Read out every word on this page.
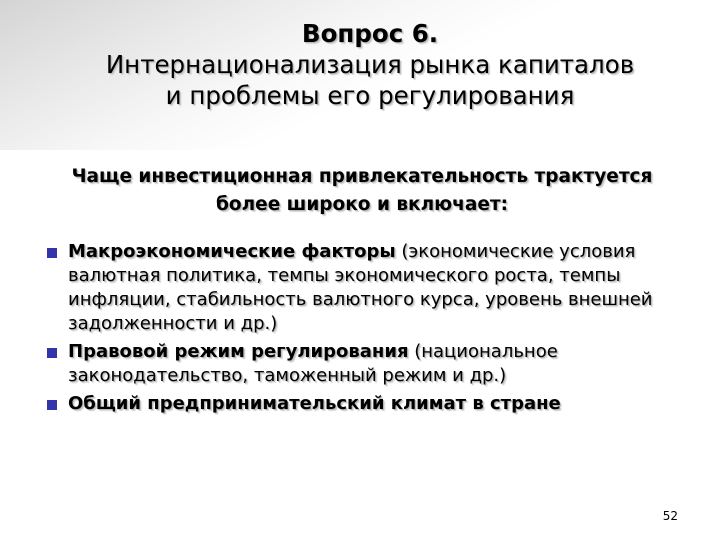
Вопрос 6.
Интернационализация рынка капиталов
и проблемы его регулирования
Чаще инвестиционная привлекательность трактуется более широко и включает:
Макроэкономические факторы (экономические условия валютная политика, темпы экономического роста, темпы инфляции, стабильность валютного курса, уровень внешней задолженности и др.)
Правовой режим регулирования (национальное законодательство, таможенный режим и др.)
Общий предпринимательский климат в стране
52
